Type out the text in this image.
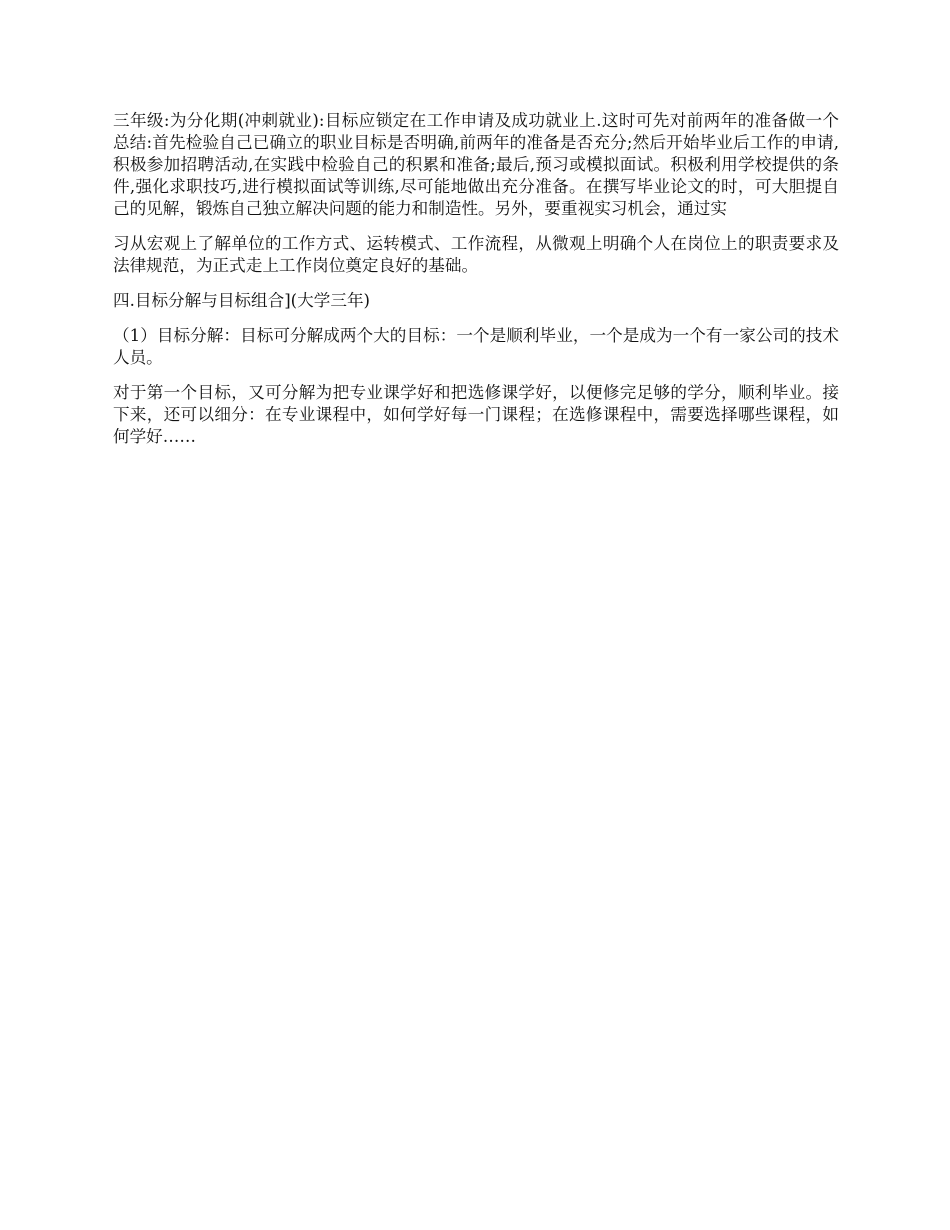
三年级:为分化期(冲刺就业):目标应锁定在工作申请及成功就业上.这时可先对前两年的准备做一个总结:首先检验自己已确立的职业目标是否明确,前两年的准备是否充分;然后开始毕业后工作的申请,积极参加招聘活动,在实践中检验自己的积累和准备;最后,预习或模拟面试。积极利用学校提供的条件,强化求职技巧,进行模拟面试等训练,尽可能地做出充分准备。在撰写毕业论文的时，可大胆提自己的见解，锻炼自己独立解决问题的能力和制造性。另外，要重视实习机会，通过实

习从宏观上了解单位的工作方式、运转模式、工作流程，从微观上明确个人在岗位上的职责要求及法律规范，为正式走上工作岗位奠定良好的基础。

四.目标分解与目标组合](大学三年)

（1）目标分解：目标可分解成两个大的目标：一个是顺利毕业，一个是成为一个有一家公司的技术人员。

对于第一个目标，又可分解为把专业课学好和把选修课学好，以便修完足够的学分，顺利毕业。接下来，还可以细分：在专业课程中，如何学好每一门课程；在选修课程中，需要选择哪些课程，如何学好……
